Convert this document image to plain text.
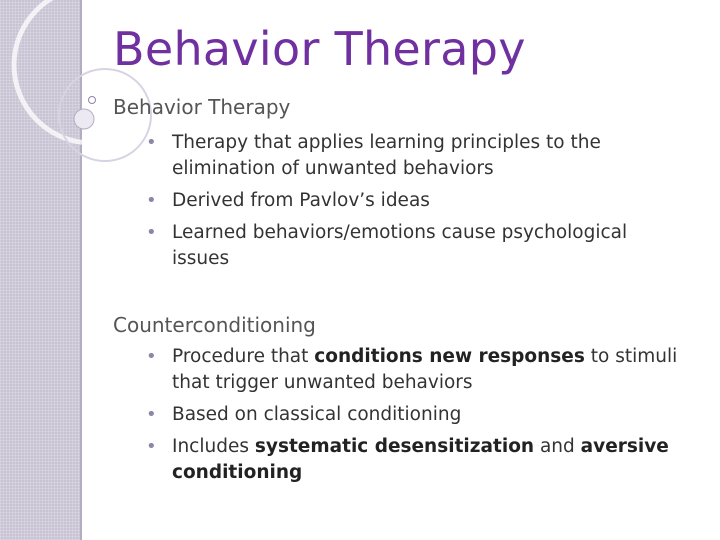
Behavior Therapy
Behavior Therapy
• Therapy that applies learning principles to the elimination of unwanted behaviors
• Derived from Pavlov’s ideas
• Learned behaviors/emotions cause psychological issues
Counterconditioning
• Procedure that conditions new responses to stimuli that trigger unwanted behaviors
• Based on classical conditioning
• Includes systematic desensitization and aversive conditioning
